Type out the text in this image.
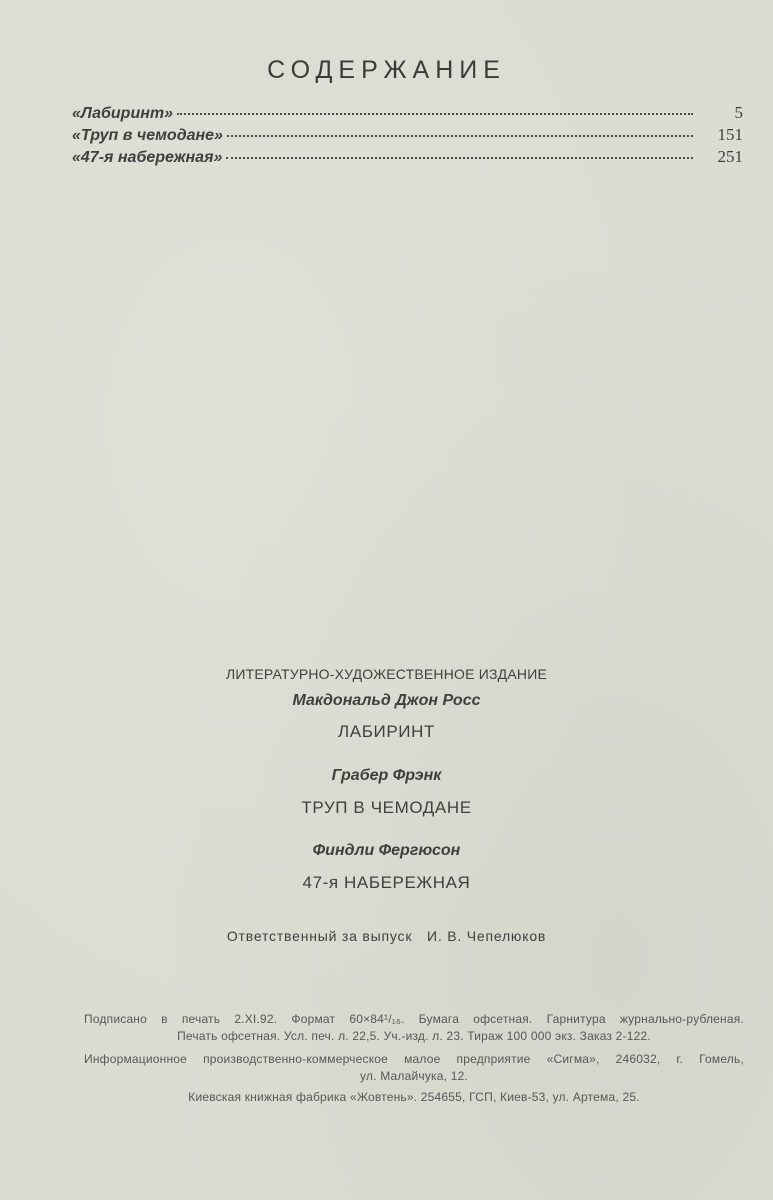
СОДЕРЖАНИЕ
«Лабиринт»	5
«Труп в чемодане»	151
«47-я набережная»	251
ЛИТЕРАТУРНО-ХУДОЖЕСТВЕННОЕ ИЗДАНИЕ
Макдональд Джон Росс
ЛАБИРИНТ
Грабер Фрэнк
ТРУП В ЧЕМОДАНЕ
Финдли Фергюсон
47-я НАБЕРЕЖНАЯ
Ответственный за выпуск И. В. Чепелюков
Подписано в печать 2.XI.92. Формат 60×84¹/₁₆. Бумага офсетная. Гарнитура журнально-рубленая.
Печать офсетная. Усл. печ. л. 22,5. Уч.-изд. л. 23. Тираж 100 000 экз. Заказ 2-122.
Информационное производственно-коммерческое малое предприятие «Сигма», 246032, г. Гомель,
ул. Малайчука, 12.
Киевская книжная фабрика «Жовтень». 254655, ГСП, Киев-53, ул. Артема, 25.
